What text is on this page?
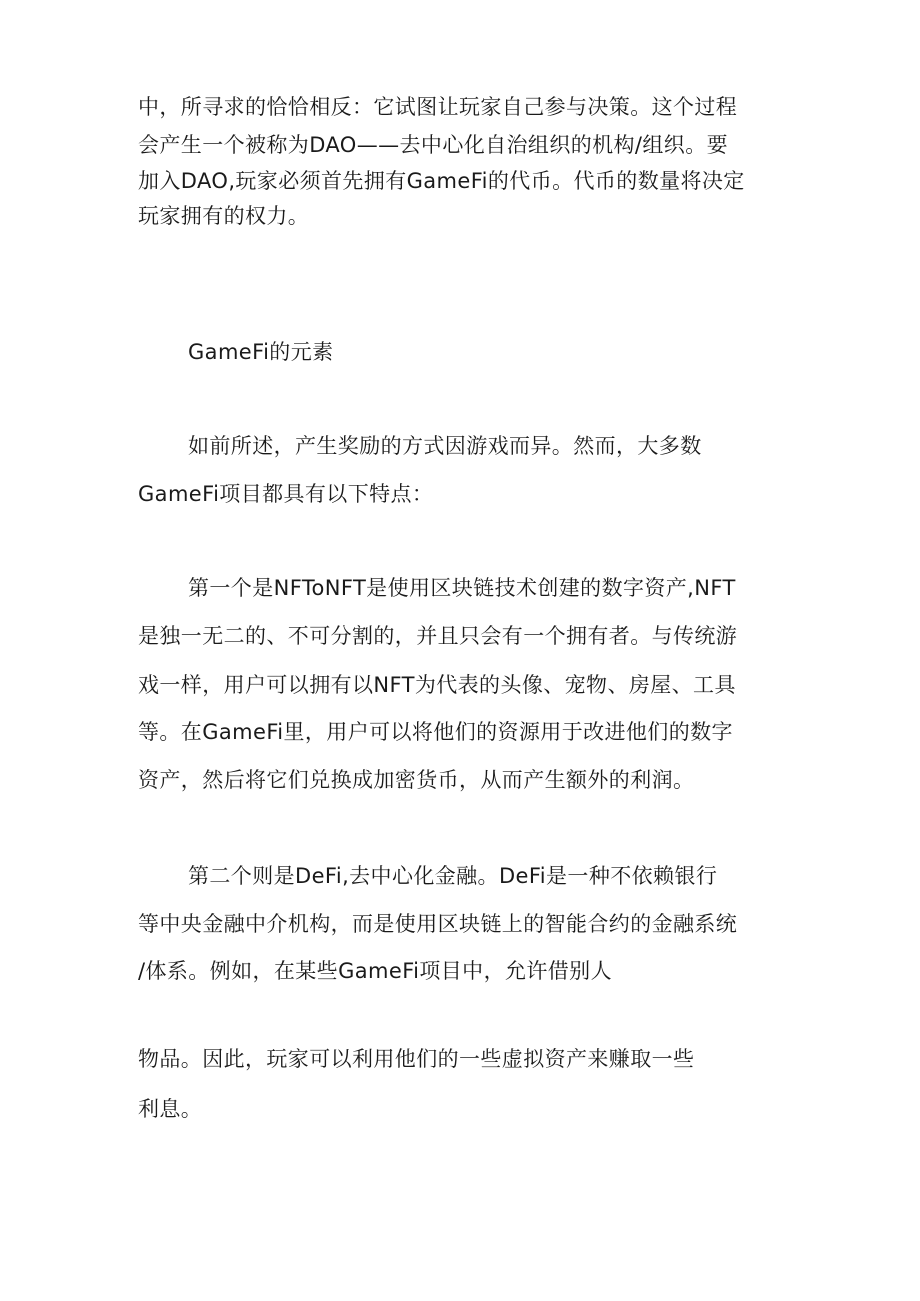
中，所寻求的恰恰相反：它试图让玩家自己参与决策。这个过程
会产生一个被称为DAO——去中心化自治组织的机构/组织。要
加入DAO,玩家必须首先拥有GameFi的代币。代币的数量将决定
玩家拥有的权力。
GameFi的元素
如前所述，产生奖励的方式因游戏而异。然而，大多数
GameFi项目都具有以下特点：
第一个是NFToNFT是使用区块链技术创建的数字资产,NFT
是独一无二的、不可分割的，并且只会有一个拥有者。与传统游
戏一样，用户可以拥有以NFT为代表的头像、宠物、房屋、工具
等。在GameFi里，用户可以将他们的资源用于改进他们的数字
资产，然后将它们兑换成加密货币，从而产生额外的利润。
第二个则是DeFi,去中心化金融。DeFi是一种不依赖银行
等中央金融中介机构，而是使用区块链上的智能合约的金融系统
/体系。例如，在某些GameFi项目中，允许借别人
物品。因此，玩家可以利用他们的一些虚拟资产来赚取一些
利息。
